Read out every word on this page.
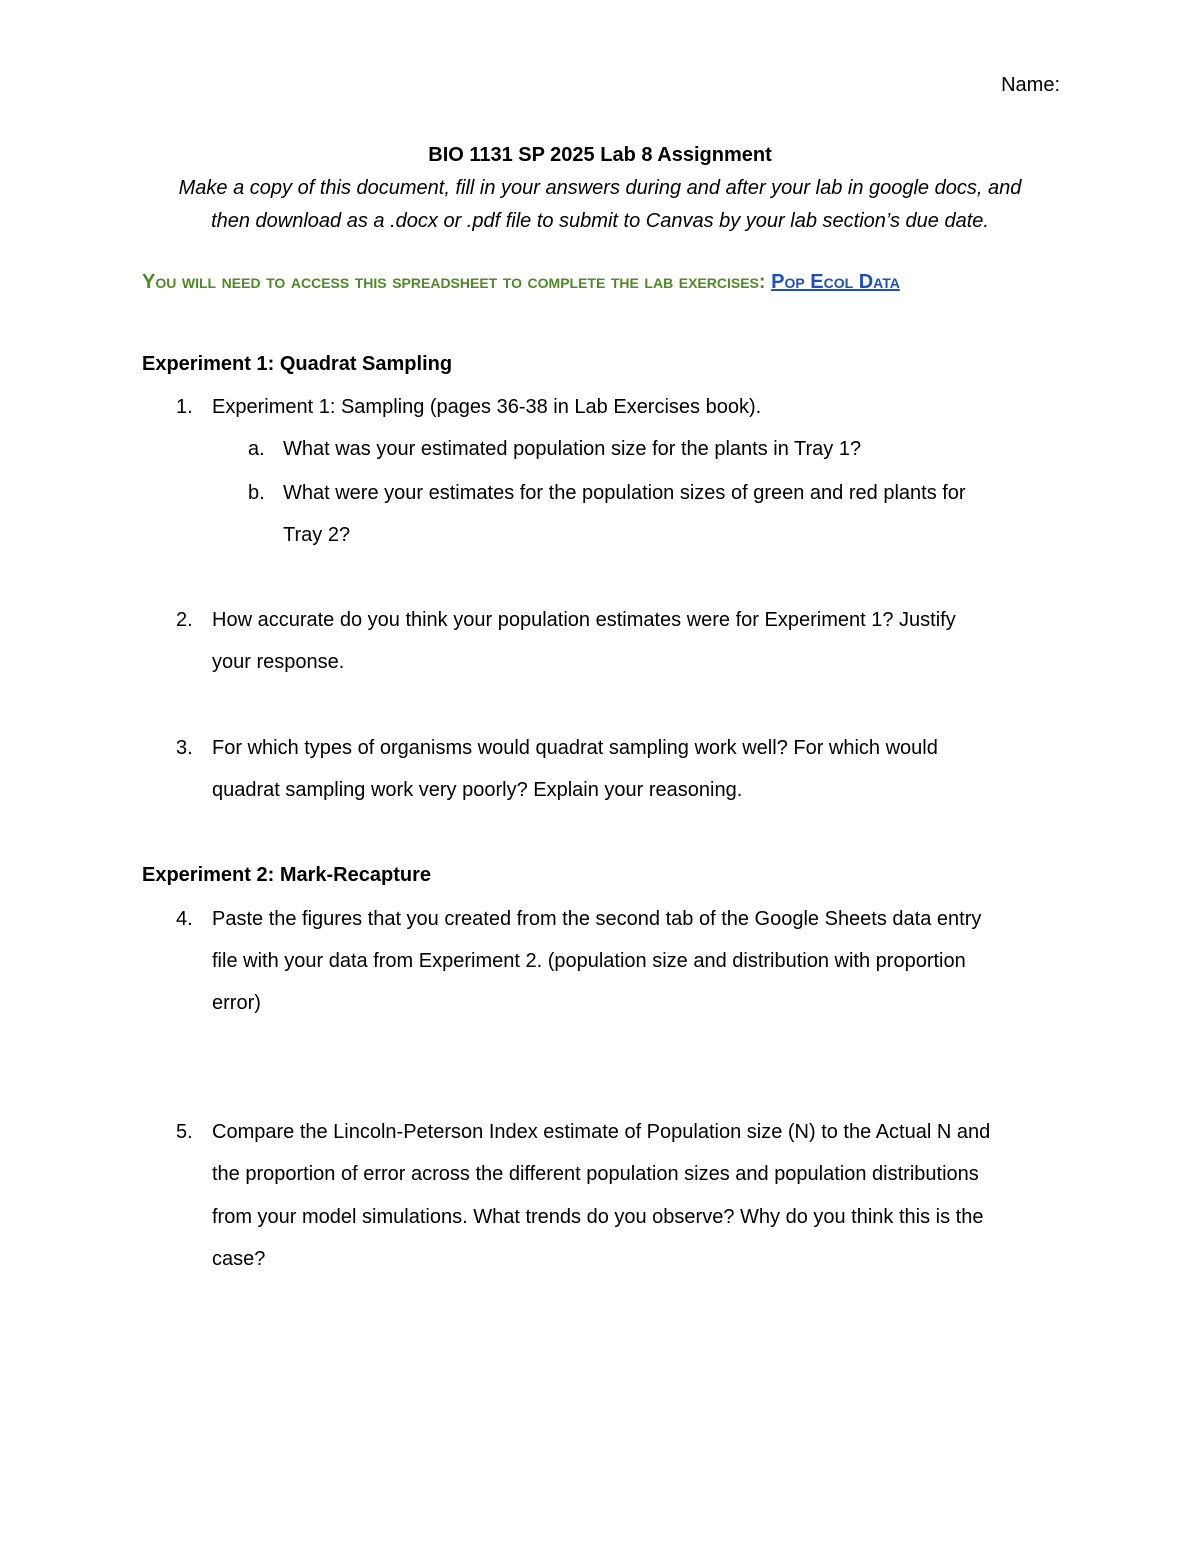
Name:
BIO 1131 SP 2025 Lab 8 Assignment
Make a copy of this document, fill in your answers during and after your lab in google docs, and
then download as a .docx or .pdf file to submit to Canvas by your lab section’s due date.
You will need to access this spreadsheet to complete the lab exercises: Pop Ecol Data
Experiment 1: Quadrat Sampling
1. Experiment 1: Sampling (pages 36-38 in Lab Exercises book).
a. What was your estimated population size for the plants in Tray 1?
b. What were your estimates for the population sizes of green and red plants for
Tray 2?
2. How accurate do you think your population estimates were for Experiment 1? Justify
your response.
3. For which types of organisms would quadrat sampling work well? For which would
quadrat sampling work very poorly? Explain your reasoning.
Experiment 2: Mark-Recapture
4. Paste the figures that you created from the second tab of the Google Sheets data entry
file with your data from Experiment 2. (population size and distribution with proportion
error)
5. Compare the Lincoln-Peterson Index estimate of Population size (N) to the Actual N and
the proportion of error across the different population sizes and population distributions
from your model simulations. What trends do you observe? Why do you think this is the
case?
